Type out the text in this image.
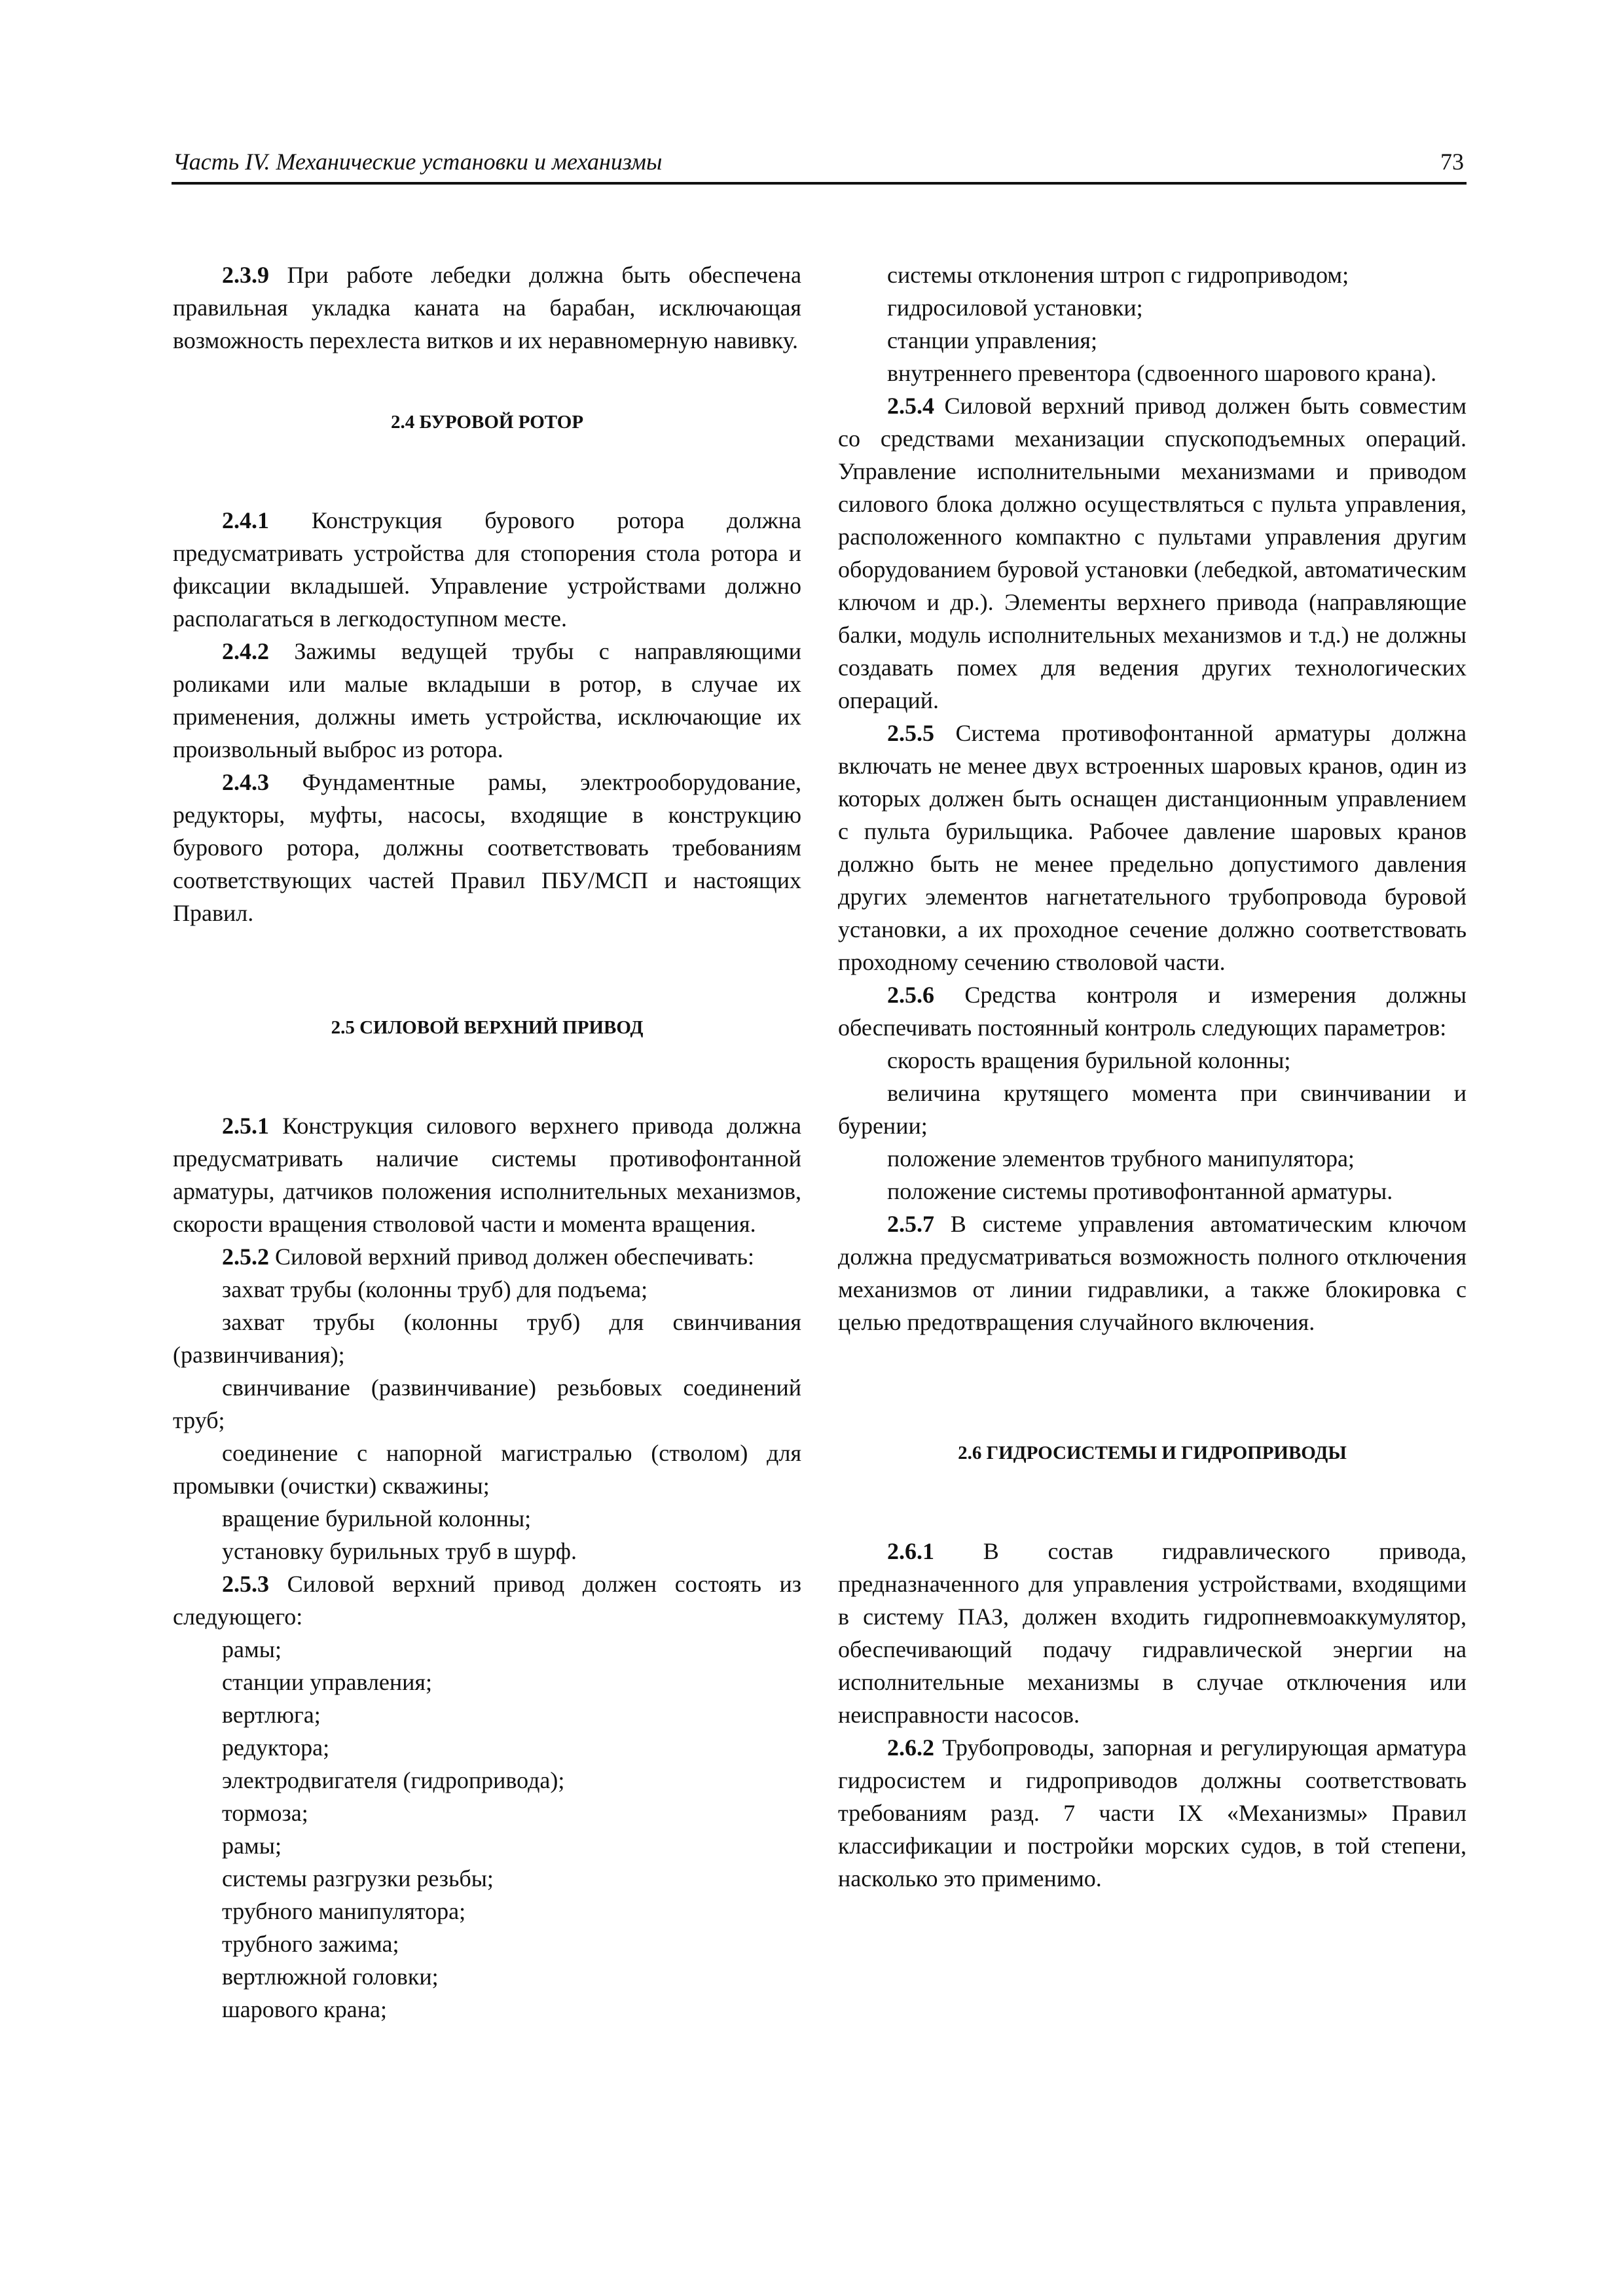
Часть IV. Механические установки и механизмы	73

2.3.9 При работе лебедки должна быть обеспечена правильная укладка каната на барабан, исключающая возможность перехлеста витков и их неравномерную навивку.

2.4 БУРОВОЙ РОТОР

2.4.1 Конструкция бурового ротора должна предусматривать устройства для стопорения стола ротора и фиксации вкладышей. Управление устройствами должно располагаться в легкодоступном месте.

2.4.2 Зажимы ведущей трубы с направляющими роликами или малые вкладыши в ротор, в случае их применения, должны иметь устройства, исключающие их произвольный выброс из ротора.

2.4.3 Фундаментные рамы, электрооборудование, редукторы, муфты, насосы, входящие в конструкцию бурового ротора, должны соответствовать требованиям соответствующих частей Правил ПБУ/МСП и настоящих Правил.

2.5 СИЛОВОЙ ВЕРХНИЙ ПРИВОД

2.5.1 Конструкция силового верхнего привода должна предусматривать наличие системы противофонтанной арматуры, датчиков положения исполнительных механизмов, скорости вращения стволовой части и момента вращения.

2.5.2 Силовой верхний привод должен обеспечивать:

захват трубы (колонны труб) для подъема;

захват трубы (колонны труб) для свинчивания (развинчивания);

свинчивание (развинчивание) резьбовых соединений труб;

соединение с напорной магистралью (стволом) для промывки (очистки) скважины;

вращение бурильной колонны;

установку бурильных труб в шурф.

2.5.3 Силовой верхний привод должен состоять из следующего:

рамы;

станции управления;

вертлюга;

редуктора;

электродвигателя (гидропривода);

тормоза;

рамы;

системы разгрузки резьбы;

трубного манипулятора;

трубного зажима;

вертлюжной головки;

шарового крана;

системы отклонения штроп с гидроприводом;

гидросиловой установки;

станции управления;

внутреннего превентора (сдвоенного шарового крана).

2.5.4 Силовой верхний привод должен быть совместим со средствами механизации спускоподъемных операций. Управление исполнительными механизмами и приводом силового блока должно осуществляться с пульта управления, расположенного компактно с пультами управления другим оборудованием буровой установки (лебедкой, автоматическим ключом и др.). Элементы верхнего привода (направляющие балки, модуль исполнительных механизмов и т.д.) не должны создавать помех для ведения других технологических операций.

2.5.5 Система противофонтанной арматуры должна включать не менее двух встроенных шаровых кранов, один из которых должен быть оснащен дистанционным управлением с пульта бурильщика. Рабочее давление шаровых кранов должно быть не менее предельно допустимого давления других элементов нагнетательного трубопровода буровой установки, а их проходное сечение должно соответствовать проходному сечению стволовой части.

2.5.6 Средства контроля и измерения должны обеспечивать постоянный контроль следующих параметров:

скорость вращения бурильной колонны;

величина крутящего момента при свинчивании и бурении;

положение элементов трубного манипулятора;

положение системы противофонтанной арматуры.

2.5.7 В системе управления автоматическим ключом должна предусматриваться возможность полного отключения механизмов от линии гидравлики, а также блокировка с целью предотвращения случайного включения.

2.6 ГИДРОСИСТЕМЫ И ГИДРОПРИВОДЫ

2.6.1 В состав гидравлического привода, предназначенного для управления устройствами, входящими в систему ПАЗ, должен входить гидропневмоаккумулятор, обеспечивающий подачу гидравлической энергии на исполнительные механизмы в случае отключения или неисправности насосов.

2.6.2 Трубопроводы, запорная и регулирующая арматура гидросистем и гидроприводов должны соответствовать требованиям разд. 7 части IX «Механизмы» Правил классификации и постройки морских судов, в той степени, насколько это применимо.
